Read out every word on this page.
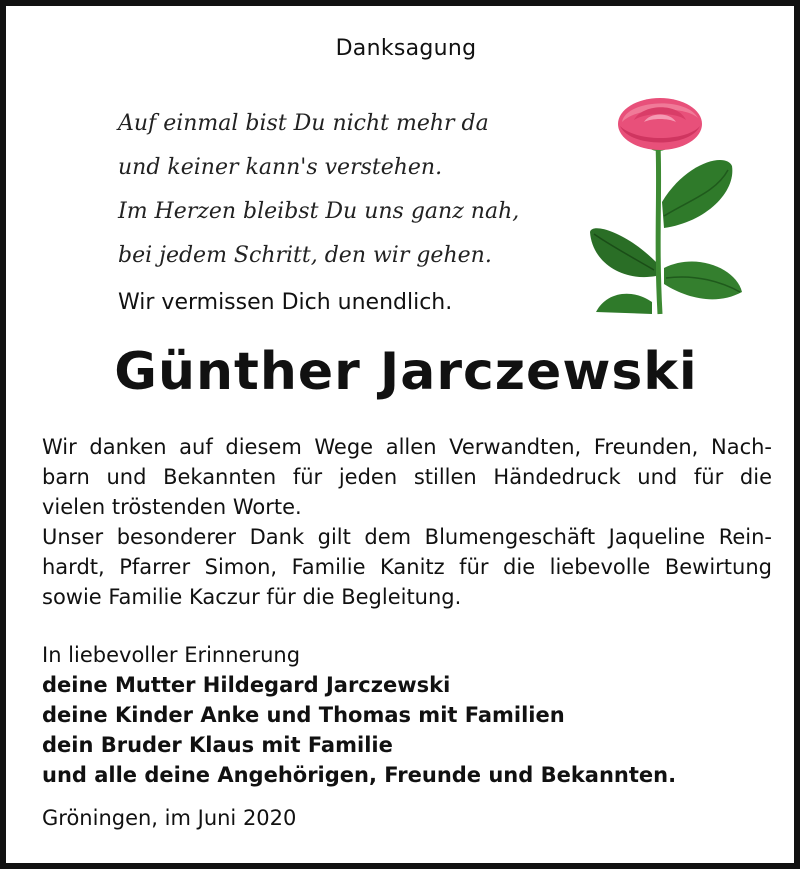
Danksagung
Auf einmal bist Du nicht mehr da
und keiner kann's verstehen.
Im Herzen bleibst Du uns ganz nah,
bei jedem Schritt, den wir gehen.
Wir vermissen Dich unendlich.
Günther Jarczewski
Wir danken auf diesem Wege allen Verwandten, Freunden, Nach-
barn und Bekannten für jeden stillen Händedruck und für die
vielen tröstenden Worte.
Unser besonderer Dank gilt dem Blumengeschäft Jaqueline Rein-
hardt, Pfarrer Simon, Familie Kanitz für die liebevolle Bewirtung
sowie Familie Kaczur für die Begleitung.
In liebevoller Erinnerung
deine Mutter Hildegard Jarczewski
deine Kinder Anke und Thomas mit Familien
dein Bruder Klaus mit Familie
und alle deine Angehörigen, Freunde und Bekannten.
Gröningen, im Juni 2020
